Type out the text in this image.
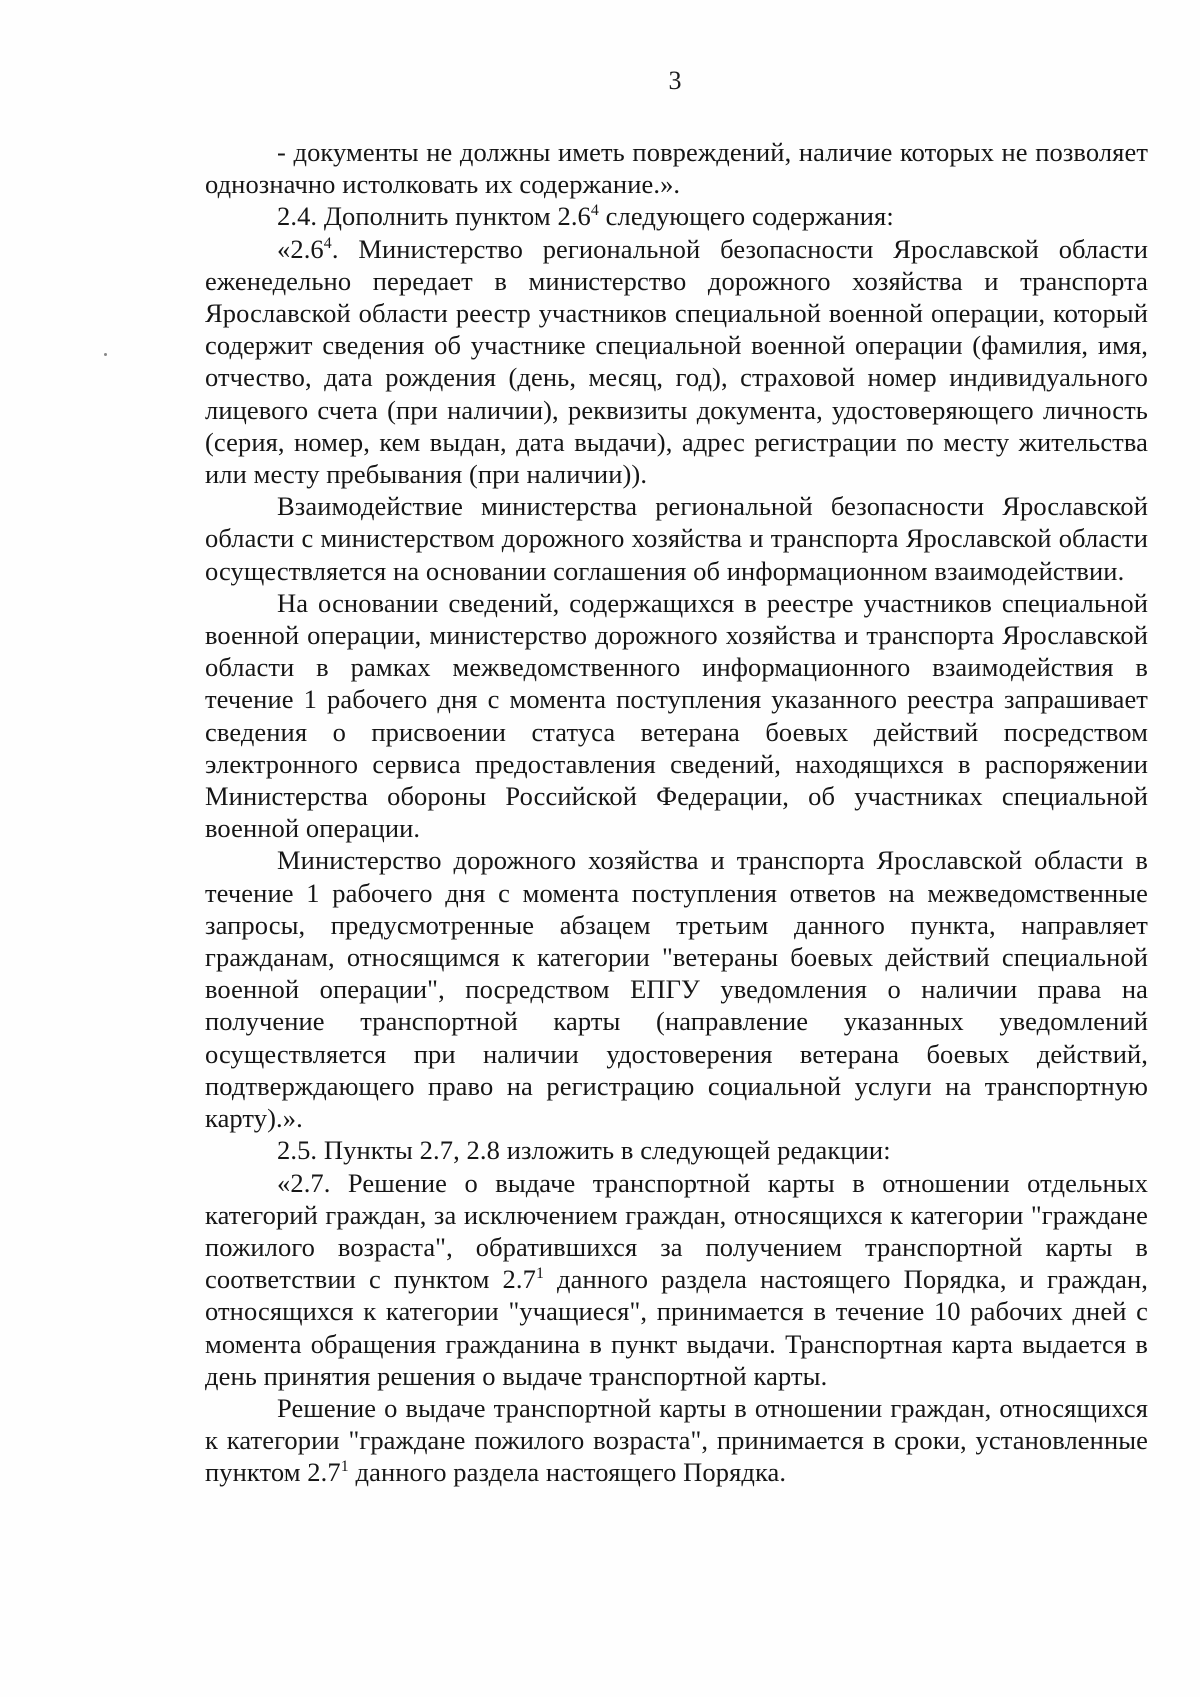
3

- документы не должны иметь повреждений, наличие которых не позволяет однозначно истолковать их содержание.».

2.4. Дополнить пунктом $2.6^4$ следующего содержания:

«$2.6^4$. Министерство региональной безопасности Ярославской области еженедельно передает в министерство дорожного хозяйства и транспорта Ярославской области реестр участников специальной военной операции, который содержит сведения об участнике специальной военной операции (фамилия, имя, отчество, дата рождения (день, месяц, год), страховой номер индивидуального лицевого счета (при наличии), реквизиты документа, удостоверяющего личность (серия, номер, кем выдан, дата выдачи), адрес регистрации по месту жительства или месту пребывания (при наличии)).

Взаимодействие министерства региональной безопасности Ярославской области с министерством дорожного хозяйства и транспорта Ярославской области осуществляется на основании соглашения об информационном взаимодействии.

На основании сведений, содержащихся в реестре участников специальной военной операции, министерство дорожного хозяйства и транспорта Ярославской области в рамках межведомственного информационного взаимодействия в течение 1 рабочего дня с момента поступления указанного реестра запрашивает сведения о присвоении статуса ветерана боевых действий посредством электронного сервиса предоставления сведений, находящихся в распоряжении Министерства обороны Российской Федерации, об участниках специальной военной операции.

Министерство дорожного хозяйства и транспорта Ярославской области в течение 1 рабочего дня с момента поступления ответов на межведомственные запросы, предусмотренные абзацем третьим данного пункта, направляет гражданам, относящимся к категории "ветераны боевых действий специальной военной операции", посредством ЕПГУ уведомления о наличии права на получение транспортной карты (направление указанных уведомлений осуществляется при наличии удостоверения ветерана боевых действий, подтверждающего право на регистрацию социальной услуги на транспортную карту).».

2.5. Пункты 2.7, 2.8 изложить в следующей редакции:

«2.7. Решение о выдаче транспортной карты в отношении отдельных категорий граждан, за исключением граждан, относящихся к категории "граждане пожилого возраста", обратившихся за получением транспортной карты в соответствии с пунктом $2.7^1$ данного раздела настоящего Порядка, и граждан, относящихся к категории "учащиеся", принимается в течение 10 рабочих дней с момента обращения гражданина в пункт выдачи. Транспортная карта выдается в день принятия решения о выдаче транспортной карты.

Решение о выдаче транспортной карты в отношении граждан, относящихся к категории "граждане пожилого возраста", принимается в сроки, установленные пунктом $2.7^1$ данного раздела настоящего Порядка.
